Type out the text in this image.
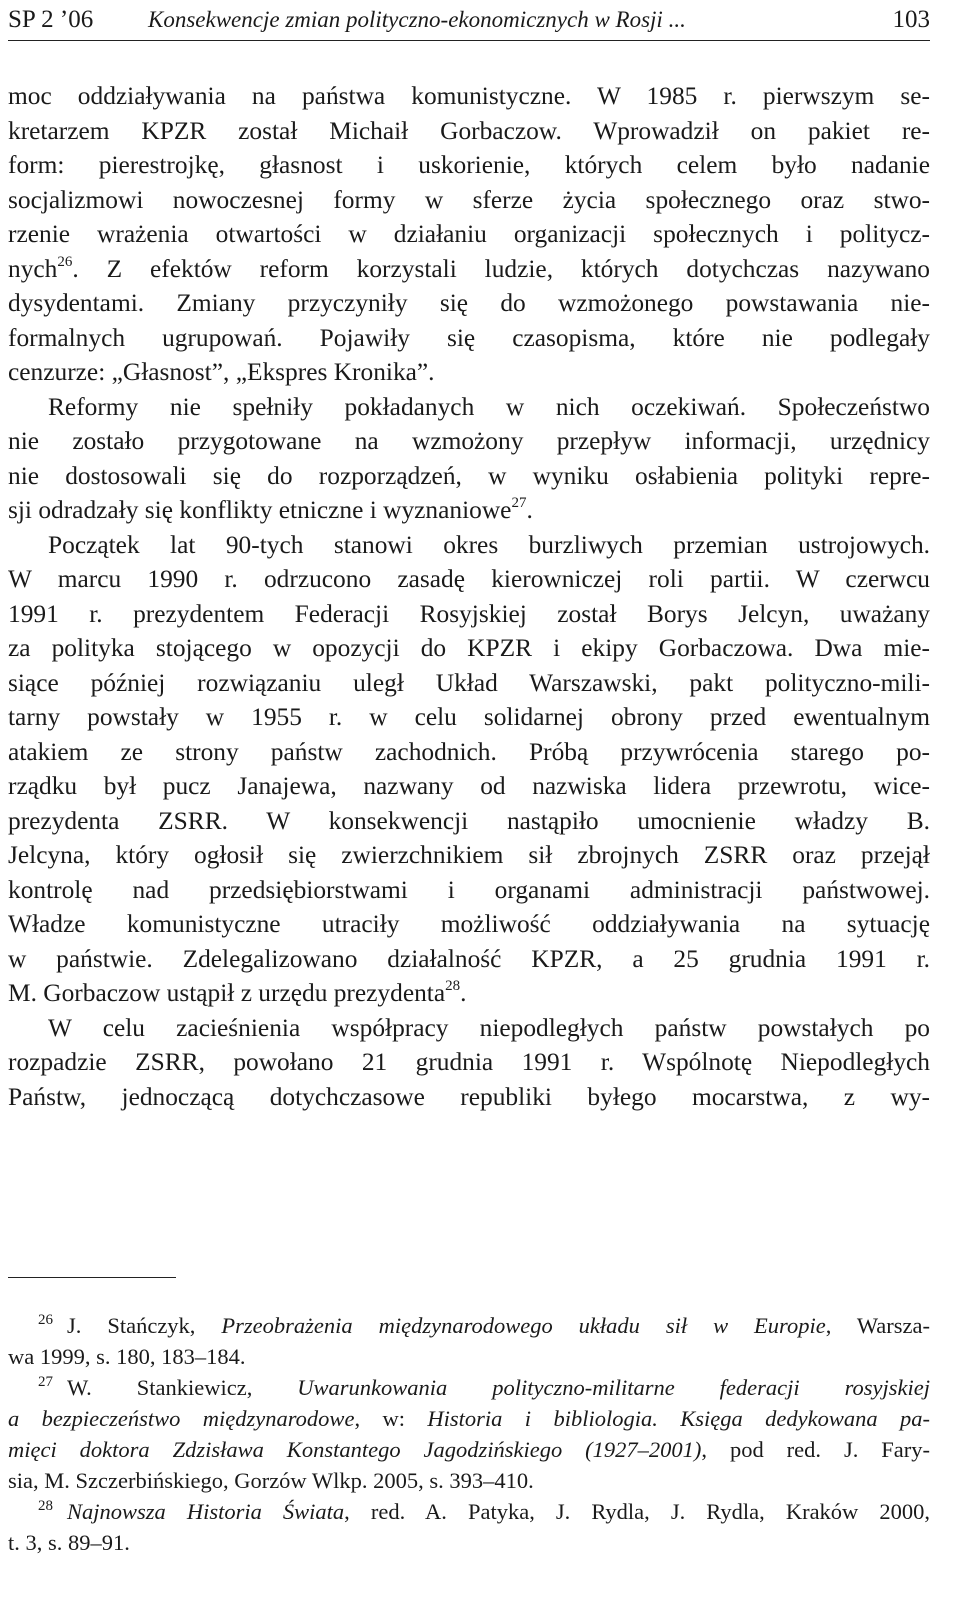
SP 2 ’06 Konsekwencje zmian polityczno-ekonomicznych w Rosji ...	103
moc oddziaływania na państwa komunistyczne. W 1985 r. pierwszym se-
kretarzem KPZR został Michaił Gorbaczow. Wprowadził on pakiet re-
form: pierestrojkę, głasnost i uskorienie, których celem było nadanie
socjalizmowi nowoczesnej formy w sferze życia społecznego oraz stwo-
rzenie wrażenia otwartości w działaniu organizacji społecznych i politycz-
nych$^{26}$. Z efektów reform korzystali ludzie, których dotychczas nazywano
dysydentami. Zmiany przyczyniły się do wzmożonego powstawania nie-
formalnych ugrupowań. Pojawiły się czasopisma, które nie podlegały
cenzurze: „Głasnost”, „Ekspres Kronika”.
Reformy nie spełniły pokładanych w nich oczekiwań. Społeczeństwo
nie zostało przygotowane na wzmożony przepływ informacji, urzędnicy
nie dostosowali się do rozporządzeń, w wyniku osłabienia polityki repre-
sji odradzały się konflikty etniczne i wyznaniowe$^{27}$.
Początek lat 90-tych stanowi okres burzliwych przemian ustrojowych.
W marcu 1990 r. odrzucono zasadę kierowniczej roli partii. W czerwcu
1991 r. prezydentem Federacji Rosyjskiej został Borys Jelcyn, uważany
za polityka stojącego w opozycji do KPZR i ekipy Gorbaczowa. Dwa mie-
siące później rozwiązaniu uległ Układ Warszawski, pakt polityczno-mili-
tarny powstały w 1955 r. w celu solidarnej obrony przed ewentualnym
atakiem ze strony państw zachodnich. Próbą przywrócenia starego po-
rządku był pucz Janajewa, nazwany od nazwiska lidera przewrotu, wice-
prezydenta ZSRR. W konsekwencji nastąpiło umocnienie władzy B.
Jelcyna, który ogłosił się zwierzchnikiem sił zbrojnych ZSRR oraz przejął
kontrolę nad przedsiębiorstwami i organami administracji państwowej.
Władze komunistyczne utraciły możliwość oddziaływania na sytuację
w państwie. Zdelegalizowano działalność KPZR, a 25 grudnia 1991 r.
M. Gorbaczow ustąpił z urzędu prezydenta$^{28}$.
W celu zacieśnienia współpracy niepodległych państw powstałych po
rozpadzie ZSRR, powołano 21 grudnia 1991 r. Wspólnotę Niepodległych
Państw, jednoczącą dotychczasowe republiki byłego mocarstwa, z wy-
$^{26}$ J. Stańczyk, Przeobrażenia międzynarodowego układu sił w Europie, Warsza-
wa 1999, s. 180, 183–184.
$^{27}$ W. Stankiewicz, Uwarunkowania polityczno-militarne federacji rosyjskiej
a bezpieczeństwo międzynarodowe, w: Historia i bibliologia. Księga dedykowana pa-
mięci doktora Zdzisława Konstantego Jagodzińskiego (1927–2001), pod red. J. Fary-
sia, M. Szczerbińskiego, Gorzów Wlkp. 2005, s. 393–410.
$^{28}$ Najnowsza Historia Świata, red. A. Patyka, J. Rydla, J. Rydla, Kraków 2000,
t. 3, s. 89–91.
